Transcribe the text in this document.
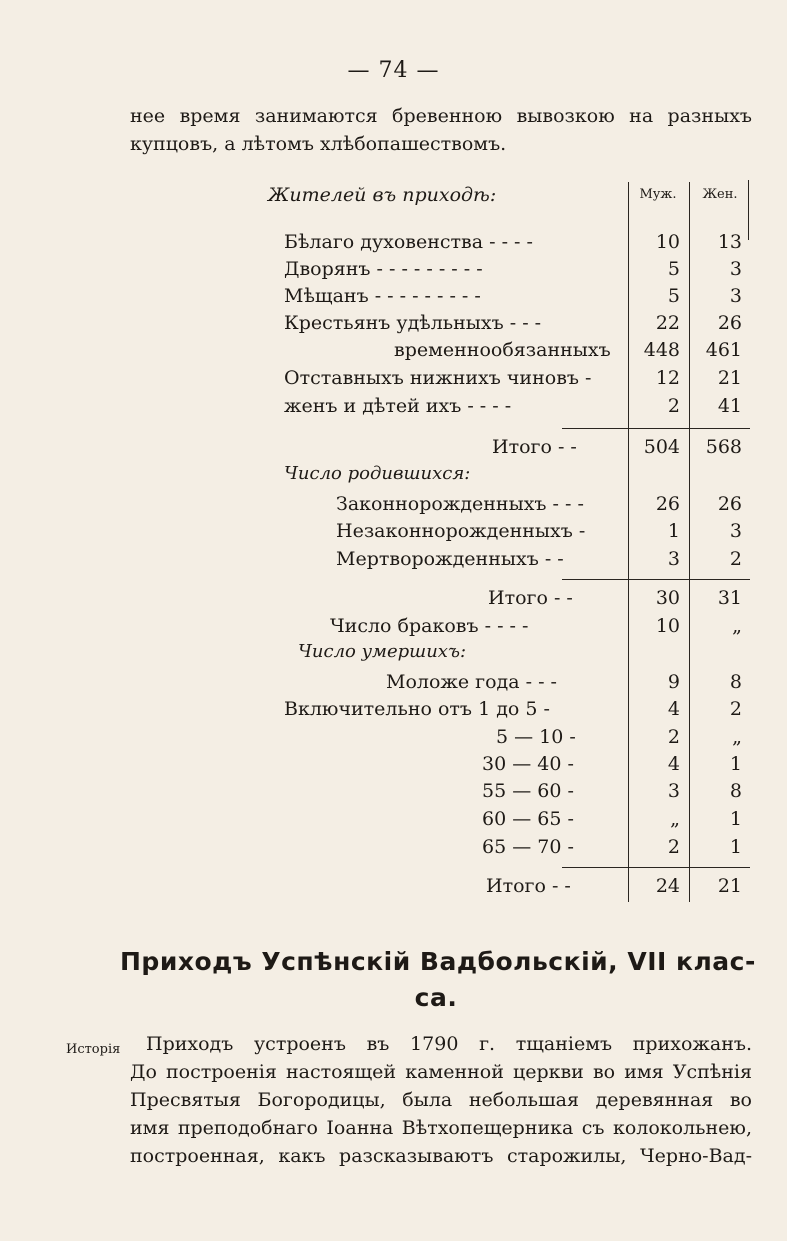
— 74 —

нее время занимаются бревенною вывозкою на разныхъ
купцовъ, а лѣтомъ хлѣбопашествомъ.

Жителей въ приходѣ:	Муж.	Жен.
Бѣлаго духовенства - - - -	10	13
Дворянъ - - - - - - - - -	5	3
Мѣщанъ - - - - - - - - -	5	3
Крестьянъ удѣльныхъ - - -	22	26
временнообязанныхъ	448	461
Отставныхъ нижнихъ чиновъ -	12	21
женъ и дѣтей ихъ - - - -	2	41
Итого - -	504	568
Число родившихся:
Законнорожденныхъ - - -	26	26
Незаконнорожденныхъ -	1	3
Мертворожденныхъ - -	3	2
Итого - -	30	31
Число браковъ - - - -	10	„
Число умершихъ:
Моложе года - - -	9	8
Включительно отъ 1 до 5 -	4	2
5 — 10 -	2	„
30 — 40 -	4	1
55 — 60 -	3	8
60 — 65 -	„	1
65 — 70 -	2	1
Итого - -	24	21
Приходъ Успѣнскій Вадбольскій, VII клас-
са.
Исторія	Приходъ устроенъ въ 1790 г. тщаніемъ прихожанъ.
До построенія настоящей каменной церкви во имя Успѣнія
Пресвятыя Богородицы, была небольшая деревянная во
имя преподобнаго Іоанна Вѣтхопещерника съ колокольнею,
построенная, какъ разсказываютъ старожилы, Черно-Вад-
